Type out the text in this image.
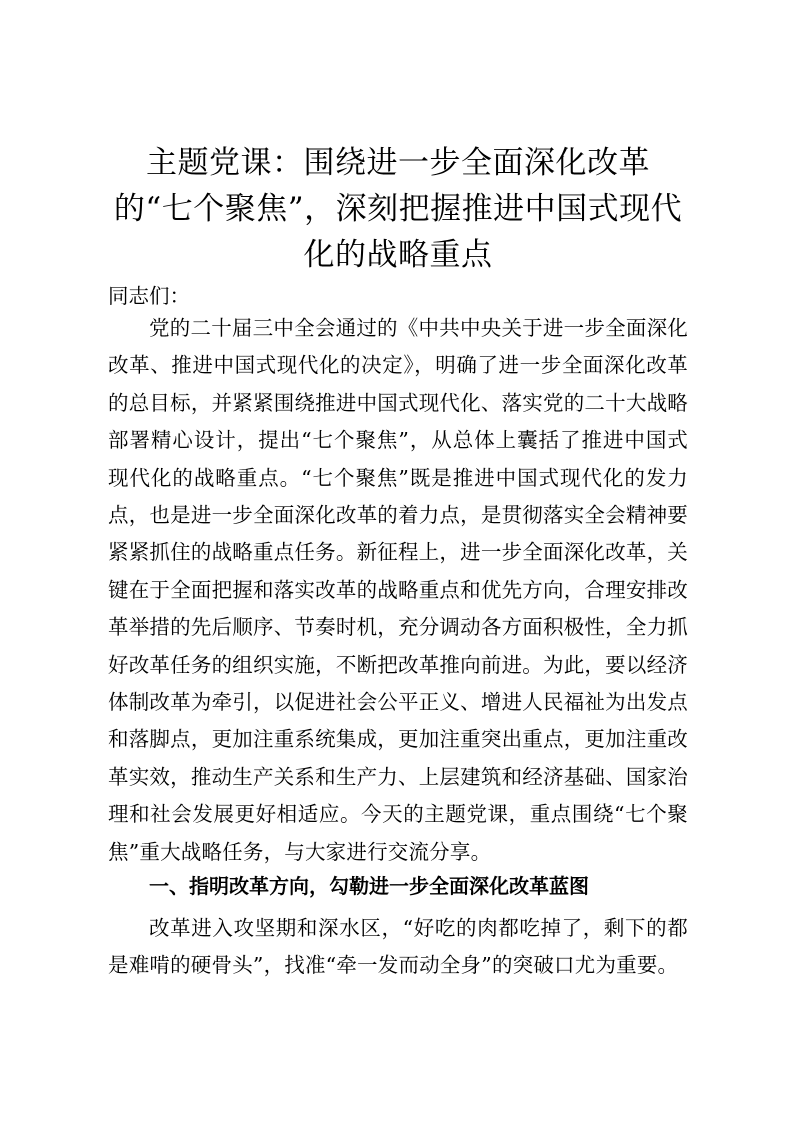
主题党课：围绕进一步全面深化改革的“七个聚焦”，深刻把握推进中国式现代化的战略重点

同志们：

党的二十届三中全会通过的《中共中央关于进一步全面深化改革、推进中国式现代化的决定》，明确了进一步全面深化改革的总目标，并紧紧围绕推进中国式现代化、落实党的二十大战略部署精心设计，提出“七个聚焦”，从总体上囊括了推进中国式现代化的战略重点。“七个聚焦”既是推进中国式现代化的发力点，也是进一步全面深化改革的着力点，是贯彻落实全会精神要紧紧抓住的战略重点任务。新征程上，进一步全面深化改革，关键在于全面把握和落实改革的战略重点和优先方向，合理安排改革举措的先后顺序、节奏时机，充分调动各方面积极性，全力抓好改革任务的组织实施，不断把改革推向前进。为此，要以经济体制改革为牵引，以促进社会公平正义、增进人民福祉为出发点和落脚点，更加注重系统集成，更加注重突出重点，更加注重改革实效，推动生产关系和生产力、上层建筑和经济基础、国家治理和社会发展更好相适应。今天的主题党课，重点围绕“七个聚焦”重大战略任务，与大家进行交流分享。

一、指明改革方向，勾勒进一步全面深化改革蓝图

改革进入攻坚期和深水区，“好吃的肉都吃掉了，剩下的都是难啃的硬骨头”，找准“牵一发而动全身”的突破口尤为重要。
